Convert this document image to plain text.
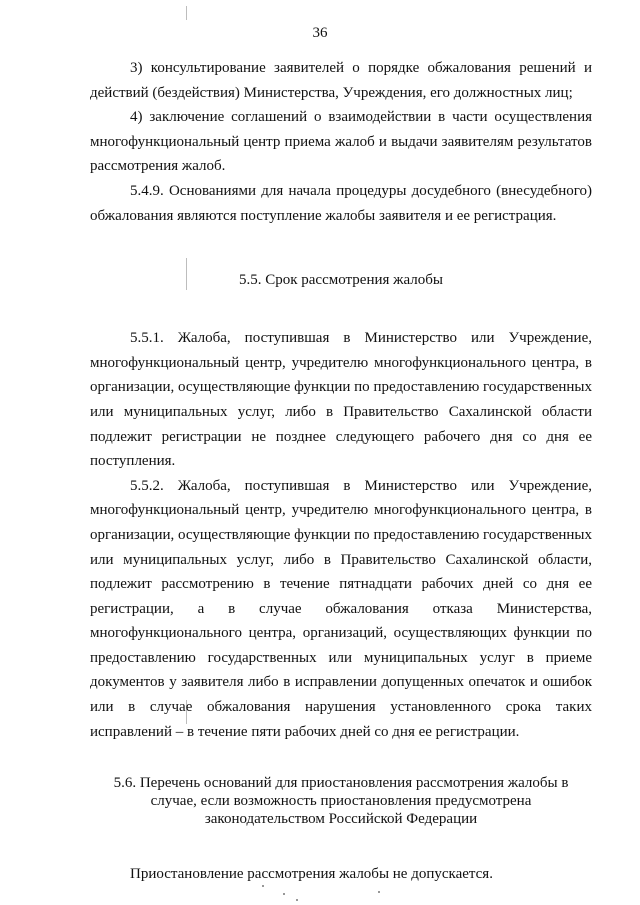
36

3) консультирование заявителей о порядке обжалования решений и действий (бездействия) Министерства, Учреждения, его должностных лиц;

4) заключение соглашений о взаимодействии в части осуществления многофункциональный центр приема жалоб и выдачи заявителям результатов рассмотрения жалоб.

5.4.9. Основаниями для начала процедуры досудебного (внесудебного) обжалования являются поступление жалобы заявителя и ее регистрация.

5.5. Срок рассмотрения жалобы

5.5.1. Жалоба, поступившая в Министерство или Учреждение, многофункциональный центр, учредителю многофункционального центра, в организации, осуществляющие функции по предоставлению государственных или муниципальных услуг, либо в Правительство Сахалинской области подлежит регистрации не позднее следующего рабочего дня со дня ее поступления.

5.5.2. Жалоба, поступившая в Министерство или Учреждение, многофункциональный центр, учредителю многофункционального центра, в организации, осуществляющие функции по предоставлению государственных или муниципальных услуг, либо в Правительство Сахалинской области, подлежит рассмотрению в течение пятнадцати рабочих дней со дня ее регистрации, а в случае обжалования отказа Министерства, многофункционального центра, организаций, осуществляющих функции по предоставлению государственных или муниципальных услуг в приеме документов у заявителя либо в исправлении допущенных опечаток и ошибок или в случае обжалования нарушения установленного срока таких исправлений – в течение пяти рабочих дней со дня ее регистрации.

5.6. Перечень оснований для приостановления рассмотрения жалобы в
случае, если возможность приостановления предусмотрена
законодательством Российской Федерации

Приостановление рассмотрения жалобы не допускается.
